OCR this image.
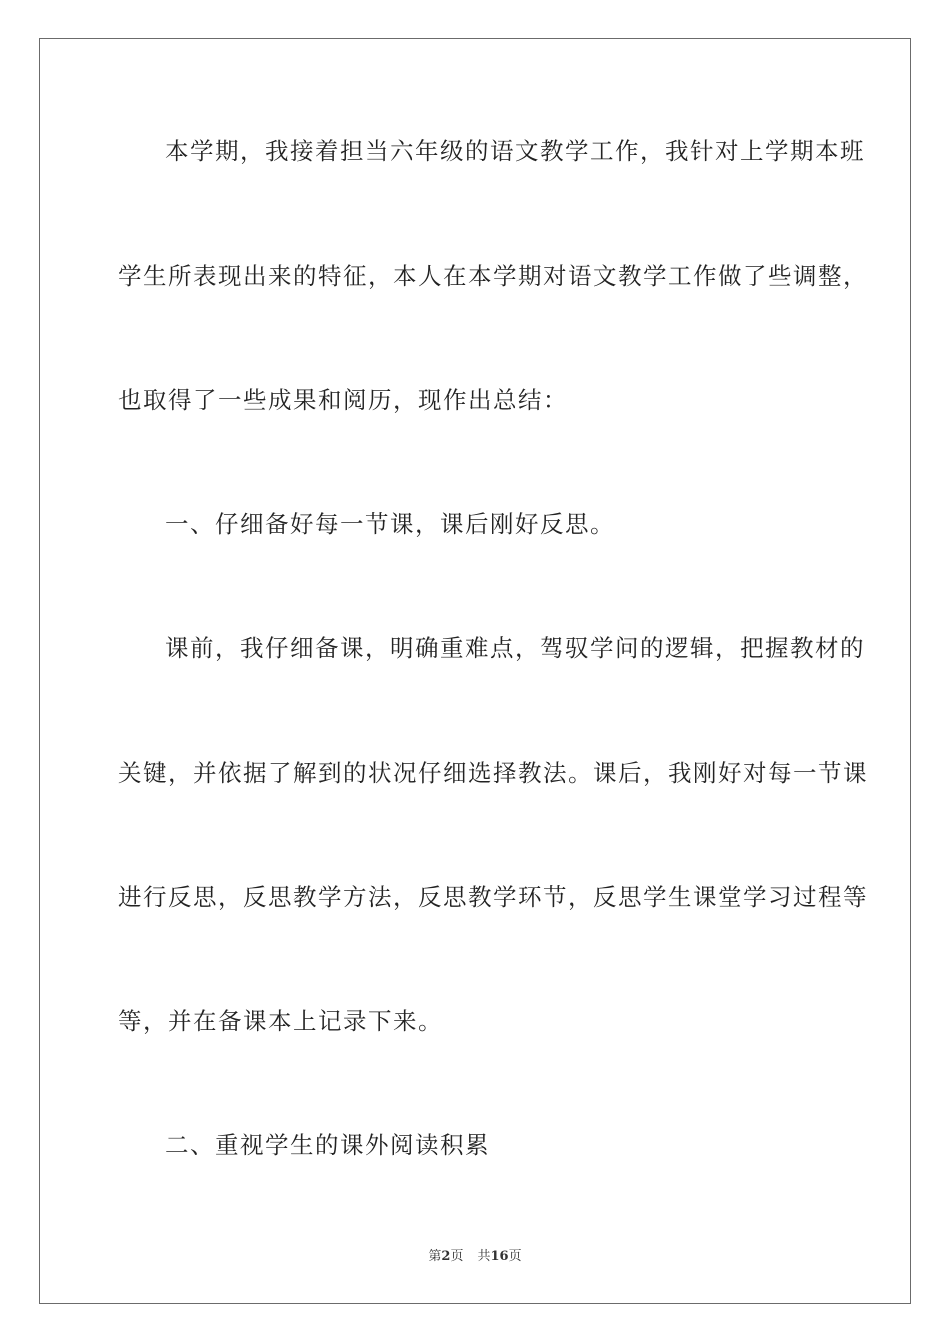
本学期，我接着担当六年级的语文教学工作，我针对上学期本班

学生所表现出来的特征，本人在本学期对语文教学工作做了些调整，

也取得了一些成果和阅历，现作出总结：

一、仔细备好每一节课，课后刚好反思。

课前，我仔细备课，明确重难点，驾驭学问的逻辑，把握教材的

关键，并依据了解到的状况仔细选择教法。课后，我刚好对每一节课

进行反思，反思教学方法，反思教学环节，反思学生课堂学习过程等

等，并在备课本上记录下来。

二、重视学生的课外阅读积累

第2页 共16页
